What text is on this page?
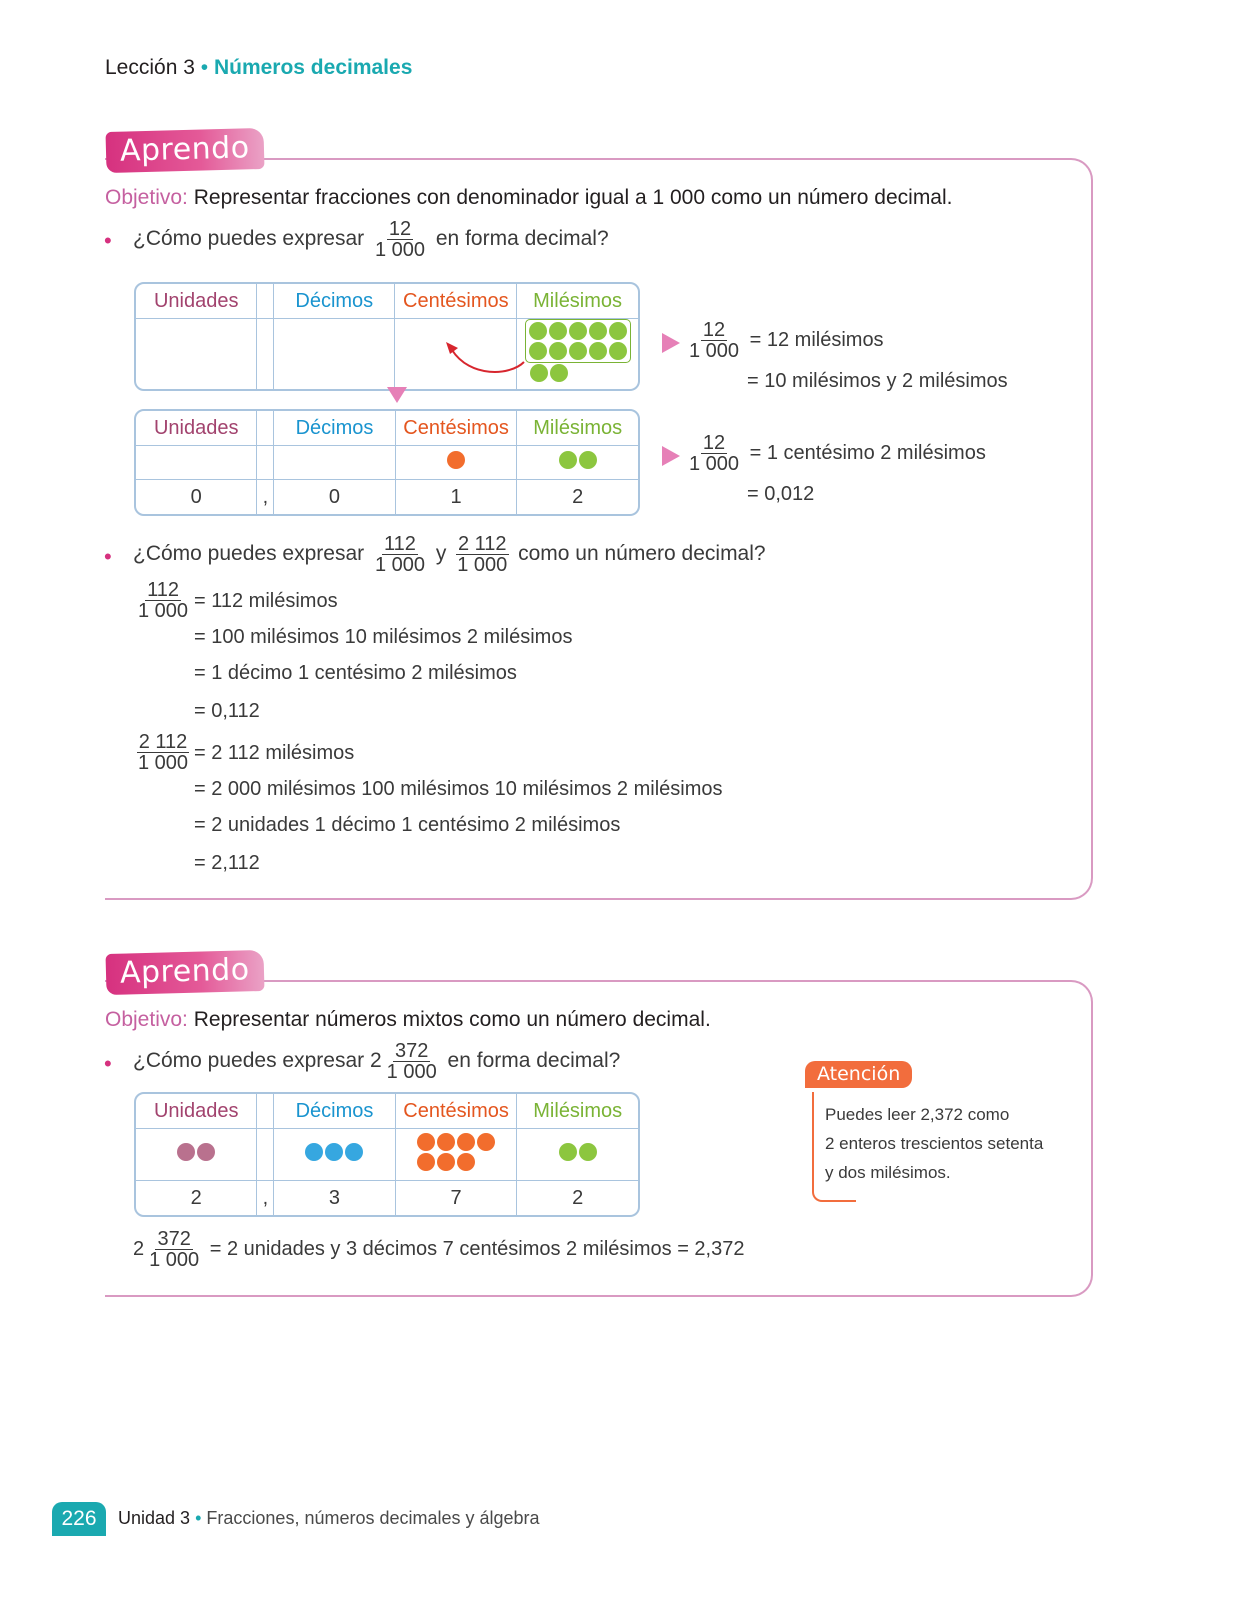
Lección 3 • Números decimales
Aprendo
Objetivo: Representar fracciones con denominador igual a 1 000 como un número decimal.
• ¿Cómo puedes expresar $\frac{12}{1 000}$ en forma decimal?
Unidades		Décimos	Centésimos	Milésimos

Unidades		Décimos	Centésimos	Milésimos

0	,	0	1	2
$\frac{12}{1 000} = 12$ milésimos
= 10 milésimos y 2 milésimos
$\frac{12}{1 000} = 1$ centésimo 2 milésimos
= 0,012
• ¿Cómo puedes expresar $\frac{112}{1 000}$ y $\frac{2 112}{1 000}$ como un número decimal?
$\frac{112}{1 000} = 112$ milésimos
= 100 milésimos 10 milésimos 2 milésimos
= 1 décimo 1 centésimo 2 milésimos
= 0,112
$\frac{2 112}{1 000} = 2$ 112 milésimos
= 2 000 milésimos 100 milésimos 10 milésimos 2 milésimos
= 2 unidades 1 décimo 1 centésimo 2 milésimos
= 2,112
Aprendo
Objetivo: Representar números mixtos como un número decimal.
• ¿Cómo puedes expresar $2 \frac{372}{1 000}$ en forma decimal?
Unidades		Décimos	Centésimos	Milésimos

2	,	3	7	2
$2 \frac{372}{1 000} = 2$ unidades y 3 décimos 7 centésimos 2 milésimos = 2,372
Atención
Puedes leer 2,372 como
2 enteros trescientos setenta
y dos milésimos.
226	Unidad 3 • Fracciones, números decimales y álgebra
